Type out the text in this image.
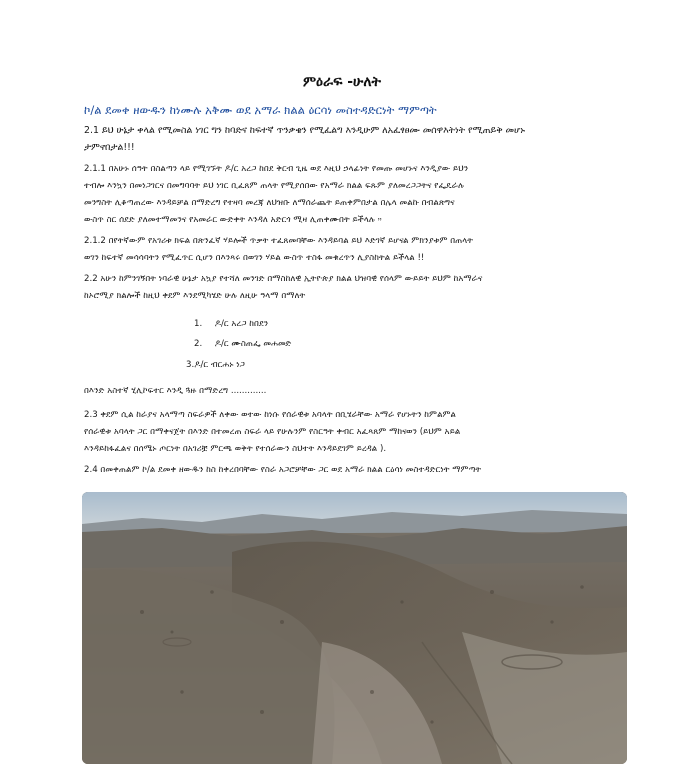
ምዕራፍ -ሁለት
ኮ/ል ደመቀ ዘውዱን ከነሙሉ አቅሙ ወደ አማራ ክልል ዕርሳነ መስተዳድርነት ማምጣት
2.1 ይህ ሁኔታ ቀላል የሚመስል ነገር ግን ከባድና ከፍተኛ ጥንቃቄን የሚፈልግ እንዲሁም ለአፈፃፀሙ መሰዋእትነት የሚጠይቅ መሆኑ
ታምኖበታል!!!
2.1.1 በአሁኑ ሰዓት በስልጣን ላይ የሚገኙት ዶ/ር አረጋ ከበደ ቅርብ ጊዜ ወደ እዚህ ኃላፊነት የመጡ መሆኑና እንዲያው ይህን
ተብሎ እንኳን በመነጋገርና በመግባባት ይህ ነገር ቢፈጸም ጠላት የሚያሰበው የአማራ ክልል ፍጹም ያለመረጋጋትና የፌዴራሉ
መንግስት ሊቆጣጠረው እንዳይቻል በማድረግ የተዛባ መረጃ ለህዝቡ ለማሰራጨት ይጠቀምበታል በሌላ መልኩ በብልጽግና
ውስጥ ስር ሰደድ ያለመተማመንና የአመራር ውድቀት እንዳለ አድርጎ ሚዛ ሊጠቀሙበት ይችላሉ ።
2.1.2 በየትኛውም የአገሪቱ ክፍል በጽንፈኛ ሃይሎች ጥቃት ተፈጸመባቸው እንዳይባል ይህ እድገኛ ይሆናል ምክንያቱም በጠላት
ወገን ከፍተኛ መሳሳባትን የሚፈጥር ሲሆን በእንጻሩ በወገን ሃይል ውስጥ ተስፋ መቁረጥን ሊያስከትል ይችላል !!
2.2 አሁን ከምንገኝበት ነባራዊ ሁኔታ አኳያ የተሻለ መንገድ በማስከለዊ ኢትዮጵያ ክልል ህዝባዊ የሰላም ውይይት ይህም ከአማራና
ከኦሮሚያ ክልሎች ከዚህ ቀደም እንደሚካሄድ ሁሉ ለዚሁ ዓላማ በማለት
1. ዶ/ር አረጋ ከበደን
2. ዶ/ር ሙስጠፌ መሐመድ
3.ዶ/ር ብርሐኑ ነጋ
በእንድ አስተኛ ሂሊኮፍተር እንዲ ጓዙ በማድረግ .............
2.3 ቀደም ሲል ከራያና አላማጣ ስፍራዎች ለቀው ወተው ከነሱ የሰራዊቱ አባላት በቢሄራቸው አማራ የሆኑትን ከምልምል
የሰራዊቱ አባላት ጋር በማቀናጀት በእንድ በተመረጠ ስፍራ ላይ የሁሉንም የስርዓት ቀብር አፈጻጸም ማከናወን (ይህም አይል
እንዳይከፋፈልና በሰሜኑ ጦርነት በአገሪቿ ምርጫ ወቅት የተሰራውን ስህተት እንዳይደገም ይረዳል ).
2.4 በመቀጠልም ኮ/ል ደመቀ ዘውዱን ከስ ከቀረበባቸው የስራ አጋሮቻቸው ጋር ወደ አማራ ክልል ርዕሳነ መስተዳድርነት ማምጣት
